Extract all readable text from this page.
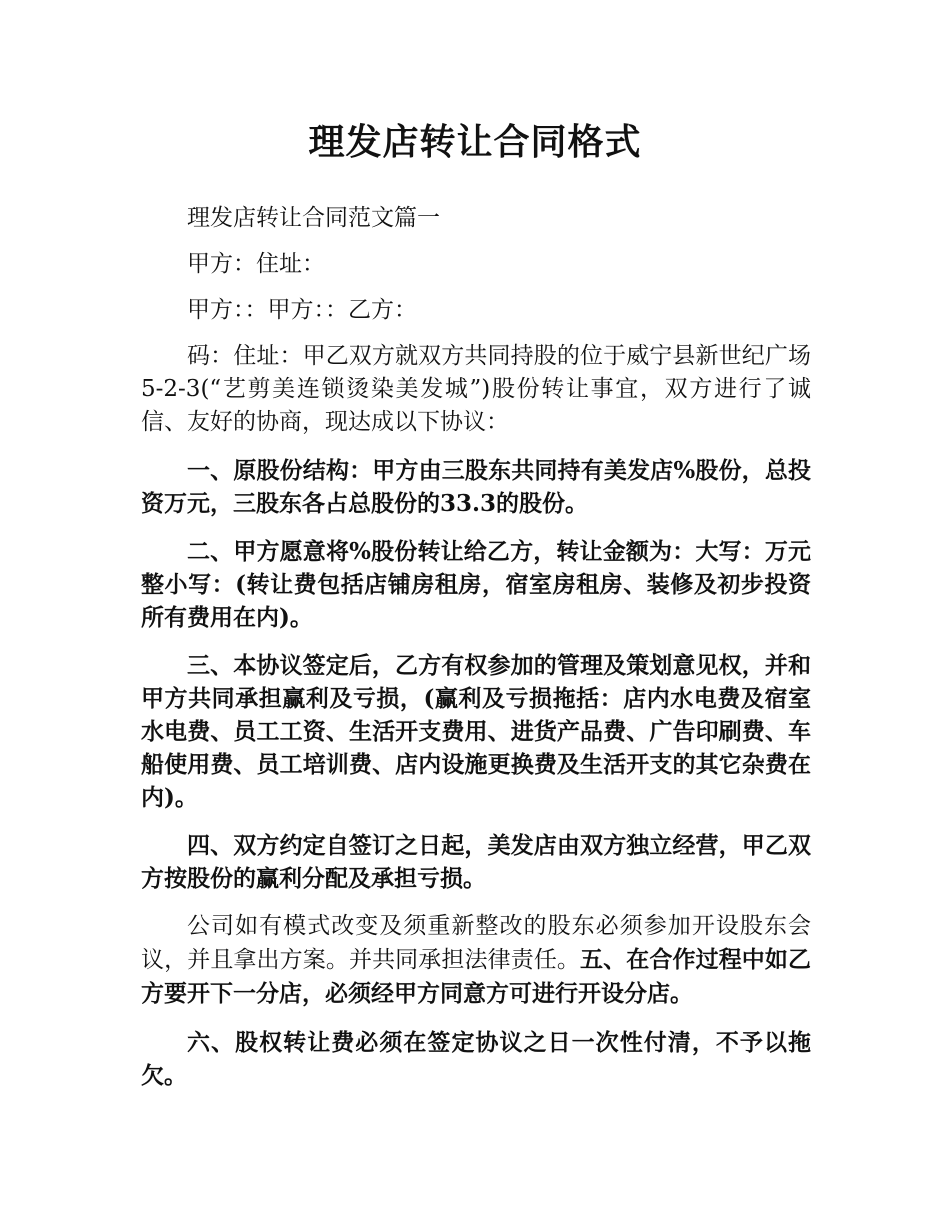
理发店转让合同格式

理发店转让合同范文篇一

甲方：住址：

甲方：：甲方：：乙方：

码：住址：甲乙双方就双方共同持股的位于威宁县新世纪广场5-2-3(“艺剪美连锁烫染美发城”)股份转让事宜，双方进行了诚信、友好的协商，现达成以下协议：

一、原股份结构：甲方由三股东共同持有美发店%股份，总投资万元，三股东各占总股份的33.3的股份。

二、甲方愿意将%股份转让给乙方，转让金额为：大写：万元整小写：(转让费包括店铺房租房，宿室房租房、装修及初步投资所有费用在内)。

三、本协议签定后，乙方有权参加的管理及策划意见权，并和甲方共同承担赢利及亏损，(赢利及亏损拖括：店内水电费及宿室水电费、员工工资、生活开支费用、进货产品费、广告印刷费、车船使用费、员工培训费、店内设施更换费及生活开支的其它杂费在内)。

四、双方约定自签订之日起，美发店由双方独立经营，甲乙双方按股份的赢利分配及承担亏损。

公司如有模式改变及须重新整改的股东必须参加开设股东会议，并且拿出方案。并共同承担法律责任。五、在合作过程中如乙方要开下一分店，必须经甲方同意方可进行开设分店。

六、股权转让费必须在签定协议之日一次性付清，不予以拖欠。
